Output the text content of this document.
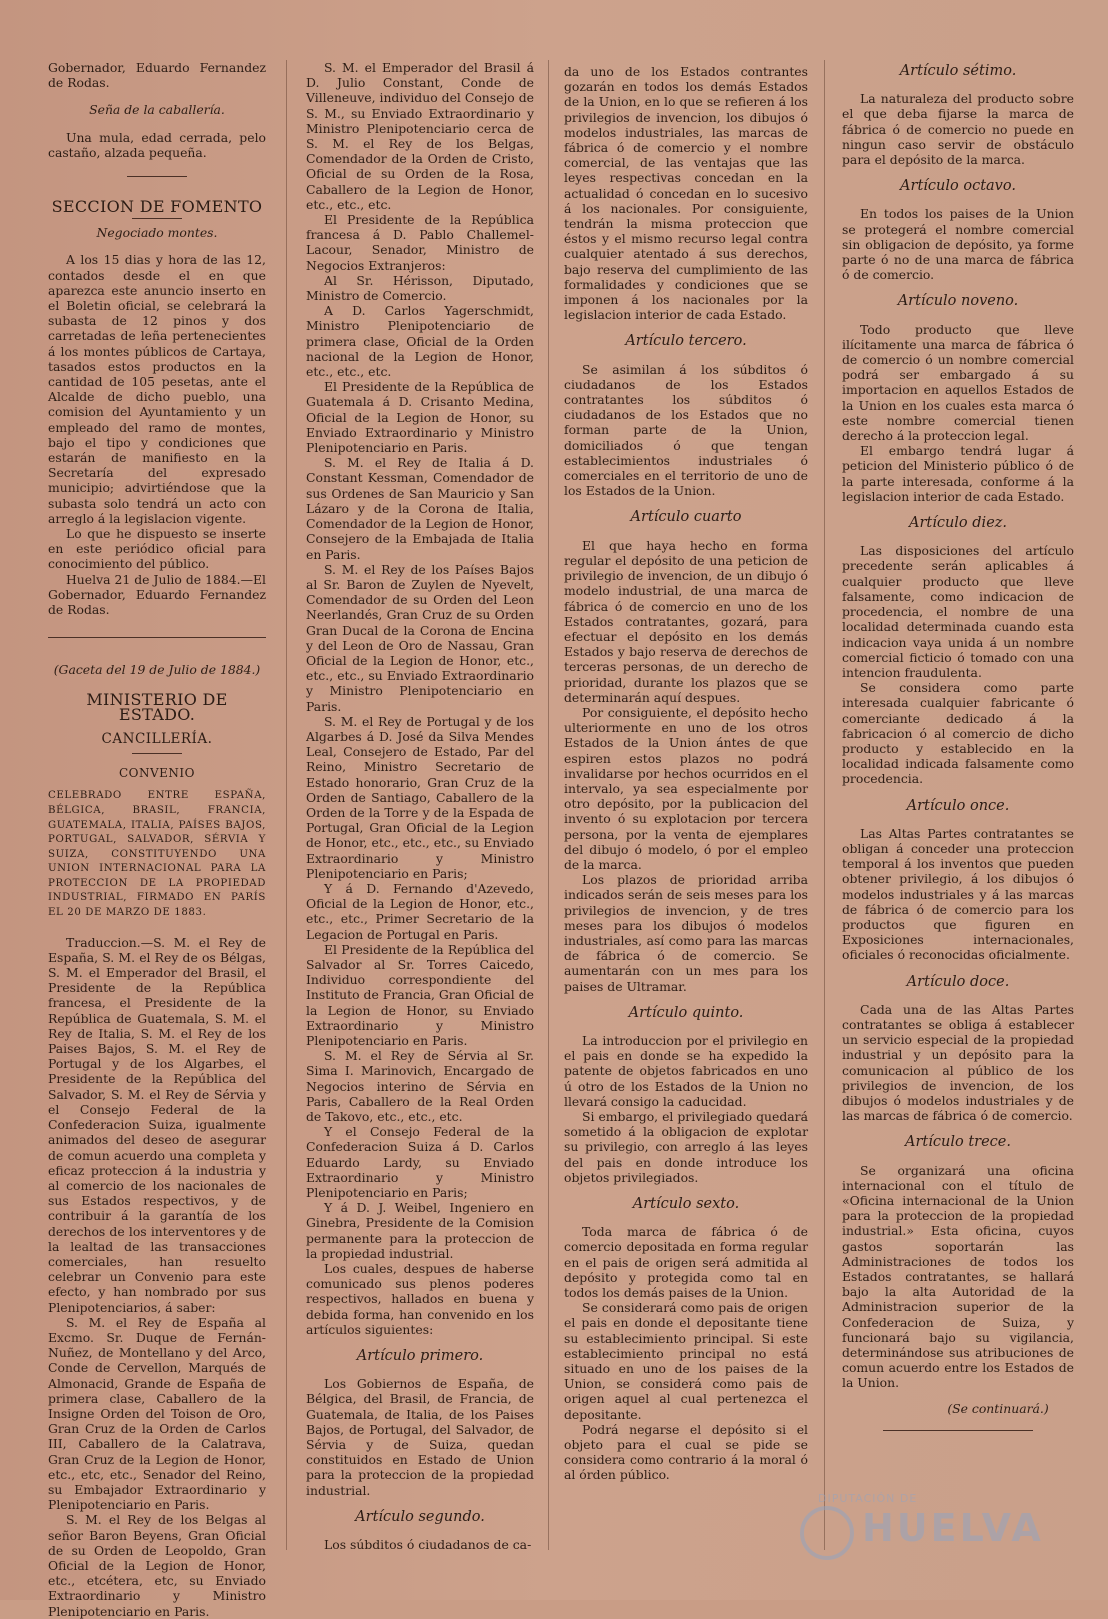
Gobernador, Eduardo Fernandez de Rodas.

Seña de la caballería.

Una mula, edad cerrada, pelo castaño, alzada pequeña.

SECCION DE FOMENTO

Negociado montes.

A los 15 dias y hora de las 12, contados desde el en que aparezca este anuncio inserto en el Boletin oficial, se celebrará la subasta de 12 pinos y dos carretadas de leña pertenecientes á los montes públicos de Cartaya, tasados estos productos en la cantidad de 105 pesetas, ante el Alcalde de dicho pueblo, una comision del Ayuntamiento y un empleado del ramo de montes, bajo el tipo y condiciones que estarán de manifiesto en la Secretaría del expresado municipio; advirtiéndose que la subasta solo tendrá un acto con arreglo á la legislacion vigente.

Lo que he dispuesto se inserte en este periódico oficial para conocimiento del público.

Huelva 21 de Julio de 1884.—El Gobernador, Eduardo Fernandez de Rodas.

(Gaceta del 19 de Julio de 1884.)

MINISTERIO DE ESTADO.
CANCILLERÍA.
CONVENIO
CELEBRADO ENTRE ESPAÑA, BÉLGICA, BRASIL, FRANCIA, GUATEMALA, ITALIA, PAÍSES BAJOS, PORTUGAL, SALVADOR, SÉRVIA Y SUIZA, CONSTITUYENDO UNA UNION INTERNACIONAL PARA LA PROTECCION DE LA PROPIEDAD INDUSTRIAL, FIRMADO EN PARÍS EL 20 DE MARZO DE 1883.

Traduccion.—S. M. el Rey de España, S. M. el Rey de os Bélgas, S. M. el Emperador del Brasil, el Presidente de la República francesa, el Presidente de la República de Guatemala, S. M. el Rey de Italia, S. M. el Rey de los Paises Bajos, S. M. el Rey de Portugal y de los Algarbes, el Presidente de la República del Salvador, S. M. el Rey de Sérvia y el Consejo Federal de la Confederacion Suiza, igualmente animados del deseo de asegurar de comun acuerdo una completa y eficaz proteccion á la industria y al comercio de los nacionales de sus Estados respectivos, y de contribuir á la garantía de los derechos de los interventores y de la lealtad de las transacciones comerciales, han resuelto celebrar un Convenio para este efecto, y han nombrado por sus Plenipotenciarios, á saber:

S. M. el Rey de España al Excmo. Sr. Duque de Fernán-Nuñez, de Montellano y del Arco, Conde de Cervellon, Marqués de Almonacid, Grande de España de primera clase, Caballero de la Insigne Orden del Toison de Oro, Gran Cruz de la Orden de Carlos III, Caballero de la Calatrava, Gran Cruz de la Legion de Honor, etc., etc, etc., Senador del Reino, su Embajador Extraordinario y Plenipotenciario en Paris.

S. M. el Rey de los Belgas al señor Baron Beyens, Gran Oficial de su Orden de Leopoldo, Gran Oficial de la Legion de Honor, etc., etcétera, etc, su Enviado Extraordinario y Ministro Plenipotenciario en Paris.

S. M. el Emperador del Brasil á D. Julio Constant, Conde de Villeneuve, individuo del Consejo de S. M., su Enviado Extraordinario y Ministro Plenipotenciario cerca de S. M. el Rey de los Belgas, Comendador de la Orden de Cristo, Oficial de su Orden de la Rosa, Caballero de la Legion de Honor, etc., etc., etc.

El Presidente de la República francesa á D. Pablo Challemel-Lacour, Senador, Ministro de Negocios Extranjeros:

Al Sr. Hérisson, Diputado, Ministro de Comercio.

A D. Carlos Yagerschmidt, Ministro Plenipotenciario de primera clase, Oficial de la Orden nacional de la Legion de Honor, etc., etc., etc.

El Presidente de la República de Guatemala á D. Crisanto Medina, Oficial de la Legion de Honor, su Enviado Extraordinario y Ministro Plenipotenciario en Paris.

S. M. el Rey de Italia á D. Constant Kessman, Comendador de sus Ordenes de San Mauricio y San Lázaro y de la Corona de Italia, Comendador de la Legion de Honor, Consejero de la Embajada de Italia en Paris.

S. M. el Rey de los Países Bajos al Sr. Baron de Zuylen de Nyevelt, Comendador de su Orden del Leon Neerlandés, Gran Cruz de su Orden Gran Ducal de la Corona de Encina y del Leon de Oro de Nassau, Gran Oficial de la Legion de Honor, etc., etc., etc., su Enviado Extraordinario y Ministro Plenipotenciario en Paris.

S. M. el Rey de Portugal y de los Algarbes á D. José da Silva Mendes Leal, Consejero de Estado, Par del Reino, Ministro Secretario de Estado honorario, Gran Cruz de la Orden de Santiago, Caballero de la Orden de la Torre y de la Espada de Portugal, Gran Oficial de la Legion de Honor, etc., etc., etc., su Enviado Extraordinario y Ministro Plenipotenciario en Paris;

Y á D. Fernando d'Azevedo, Oficial de la Legion de Honor, etc., etc., etc., Primer Secretario de la Legacion de Portugal en Paris.

El Presidente de la República del Salvador al Sr. Torres Caicedo, Individuo correspondiente del Instituto de Francia, Gran Oficial de la Legion de Honor, su Enviado Extraordinario y Ministro Plenipotenciario en Paris.

S. M. el Rey de Sérvia al Sr. Sima I. Marinovich, Encargado de Negocios interino de Sérvia en Paris, Caballero de la Real Orden de Takovo, etc., etc., etc.

Y el Consejo Federal de la Confederacion Suiza á D. Carlos Eduardo Lardy, su Enviado Extraordinario y Ministro Plenipotenciario en Paris;

Y á D. J. Weibel, Ingeniero en Ginebra, Presidente de la Comision permanente para la proteccion de la propiedad industrial.

Los cuales, despues de haberse comunicado sus plenos poderes respectivos, hallados en buena y debida forma, han convenido en los artículos siguientes:

Artículo primero.

Los Gobiernos de España, de Bélgica, del Brasil, de Francia, de Guatemala, de Italia, de los Paises Bajos, de Portugal, del Salvador, de Sérvia y de Suiza, quedan constituidos en Estado de Union para la proteccion de la propiedad industrial.

Artículo segundo.

Los súbditos ó ciudadanos de ca-

da uno de los Estados contrantes gozarán en todos los demás Estados de la Union, en lo que se refieren á los privilegios de invencion, los dibujos ó modelos industriales, las marcas de fábrica ó de comercio y el nombre comercial, de las ventajas que las leyes respectivas concedan en la actualidad ó concedan en lo sucesivo á los nacionales. Por consiguiente, tendrán la misma proteccion que éstos y el mismo recurso legal contra cualquier atentado á sus derechos, bajo reserva del cumplimiento de las formalidades y condiciones que se imponen á los nacionales por la legislacion interior de cada Estado.

Artículo tercero.

Se asimilan á los súbditos ó ciudadanos de los Estados contratantes los súbditos ó ciudadanos de los Estados que no forman parte de la Union, domiciliados ó que tengan establecimientos industriales ó comerciales en el territorio de uno de los Estados de la Union.

Artículo cuarto

El que haya hecho en forma regular el depósito de una peticion de privilegio de invencion, de un dibujo ó modelo industrial, de una marca de fábrica ó de comercio en uno de los Estados contratantes, gozará, para efectuar el depósito en los demás Estados y bajo reserva de derechos de terceras personas, de un derecho de prioridad, durante los plazos que se determinarán aquí despues.

Por consiguiente, el depósito hecho ulteriormente en uno de los otros Estados de la Union ántes de que espiren estos plazos no podrá invalidarse por hechos ocurridos en el intervalo, ya sea especialmente por otro depósito, por la publicacion del invento ó su explotacion por tercera persona, por la venta de ejemplares del dibujo ó modelo, ó por el empleo de la marca.

Los plazos de prioridad arriba indicados serán de seis meses para los privilegios de invencion, y de tres meses para los dibujos ó modelos industriales, así como para las marcas de fábrica ó de comercio. Se aumentarán con un mes para los paises de Ultramar.

Artículo quinto.

La introduccion por el privilegio en el pais en donde se ha expedido la patente de objetos fabricados en uno ú otro de los Estados de la Union no llevará consigo la caducidad.

Si embargo, el privilegiado quedará sometido á la obligacion de explotar su privilegio, con arreglo á las leyes del pais en donde introduce los objetos privilegiados.

Artículo sexto.

Toda marca de fábrica ó de comercio depositada en forma regular en el pais de origen será admitida al depósito y protegida como tal en todos los demás paises de la Union.

Se considerará como pais de origen el pais en donde el depositante tiene su establecimiento principal. Si este establecimiento principal no está situado en uno de los paises de la Union, se considerá como pais de origen aquel al cual pertenezca el depositante.

Podrá negarse el depósito si el objeto para el cual se pide se considera como contrario á la moral ó al órden público.

Artículo sétimo.

La naturaleza del producto sobre el que deba fijarse la marca de fábrica ó de comercio no puede en ningun caso servir de obstáculo para el depósito de la marca.

Artículo octavo.

En todos los paises de la Union se protegerá el nombre comercial sin obligacion de depósito, ya forme parte ó no de una marca de fábrica ó de comercio.

Artículo noveno.

Todo producto que lleve ilícitamente una marca de fábrica ó de comercio ó un nombre comercial podrá ser embargado á su importacion en aquellos Estados de la Union en los cuales esta marca ó este nombre comercial tienen derecho á la proteccion legal.

El embargo tendrá lugar á peticion del Ministerio público ó de la parte interesada, conforme á la legislacion interior de cada Estado.

Artículo diez.

Las disposiciones del artículo precedente serán aplicables á cualquier producto que lleve falsamente, como indicacion de procedencia, el nombre de una localidad determinada cuando esta indicacion vaya unida á un nombre comercial ficticio ó tomado con una intencion fraudulenta.

Se considera como parte interesada cualquier fabricante ó comerciante dedicado á la fabricacion ó al comercio de dicho producto y establecido en la localidad indicada falsamente como procedencia.

Artículo once.

Las Altas Partes contratantes se obligan á conceder una proteccion temporal á los inventos que pueden obtener privilegio, á los dibujos ó modelos industriales y á las marcas de fábrica ó de comercio para los productos que figuren en Exposiciones internacionales, oficiales ó reconocidas oficialmente.

Artículo doce.

Cada una de las Altas Partes contratantes se obliga á establecer un servicio especial de la propiedad industrial y un depósito para la comunicacion al público de los privilegios de invencion, de los dibujos ó modelos industriales y de las marcas de fábrica ó de comercio.

Artículo trece.

Se organizará una oficina internacional con el título de «Oficina internacional de la Union para la proteccion de la propiedad industrial.» Esta oficina, cuyos gastos soportarán las Administraciones de todos los Estados contratantes, se hallará bajo la alta Autoridad de la Administracion superior de la Confederacion de Suiza, y funcionará bajo su vigilancia, determinándose sus atribuciones de comun acuerdo entre los Estados de la Union.

(Se continuará.)

DIPUTACIÓN DE
HUELVA
